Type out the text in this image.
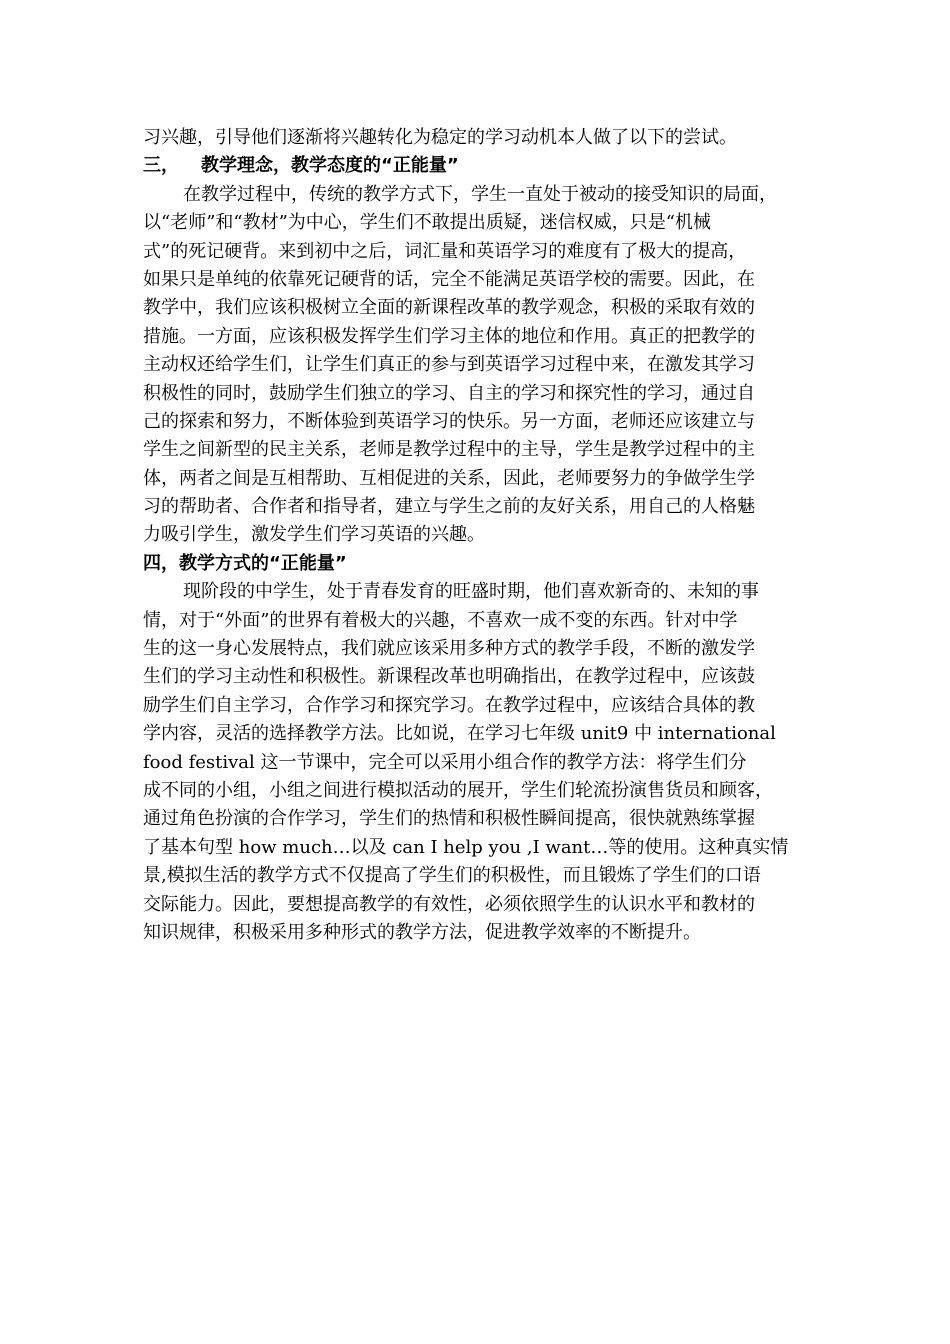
习兴趣，引导他们逐渐将兴趣转化为稳定的学习动机本人做了以下的尝试。
三， 教学理念，教学态度的“正能量”
在教学过程中，传统的教学方式下，学生一直处于被动的接受知识的局面，
以“老师”和“教材”为中心，学生们不敢提出质疑，迷信权威，只是“机械
式”的死记硬背。来到初中之后，词汇量和英语学习的难度有了极大的提高，
如果只是单纯的依靠死记硬背的话，完全不能满足英语学校的需要。因此，在
教学中，我们应该积极树立全面的新课程改革的教学观念，积极的采取有效的
措施。一方面，应该积极发挥学生们学习主体的地位和作用。真正的把教学的
主动权还给学生们，让学生们真正的参与到英语学习过程中来，在激发其学习
积极性的同时，鼓励学生们独立的学习、自主的学习和探究性的学习，通过自
己的探索和努力，不断体验到英语学习的快乐。另一方面，老师还应该建立与
学生之间新型的民主关系，老师是教学过程中的主导，学生是教学过程中的主
体，两者之间是互相帮助、互相促进的关系，因此，老师要努力的争做学生学
习的帮助者、合作者和指导者，建立与学生之前的友好关系，用自己的人格魅
力吸引学生，激发学生们学习英语的兴趣。
四，教学方式的“正能量”
现阶段的中学生，处于青春发育的旺盛时期，他们喜欢新奇的、未知的事
情，对于“外面”的世界有着极大的兴趣，不喜欢一成不变的东西。针对中学
生的这一身心发展特点，我们就应该采用多种方式的教学手段，不断的激发学
生们的学习主动性和积极性。新课程改革也明确指出，在教学过程中，应该鼓
励学生们自主学习，合作学习和探究学习。在教学过程中，应该结合具体的教
学内容，灵活的选择教学方法。比如说，在学习七年级 unit9 中 international
food festival 这一节课中，完全可以采用小组合作的教学方法：将学生们分
成不同的小组，小组之间进行模拟活动的展开，学生们轮流扮演售货员和顾客，
通过角色扮演的合作学习，学生们的热情和积极性瞬间提高，很快就熟练掌握
了基本句型 how much…以及 can I help you ,I want…等的使用。这种真实情
景,模拟生活的教学方式不仅提高了学生们的积极性，而且锻炼了学生们的口语
交际能力。因此，要想提高教学的有效性，必须依照学生的认识水平和教材的
知识规律，积极采用多种形式的教学方法，促进教学效率的不断提升。
